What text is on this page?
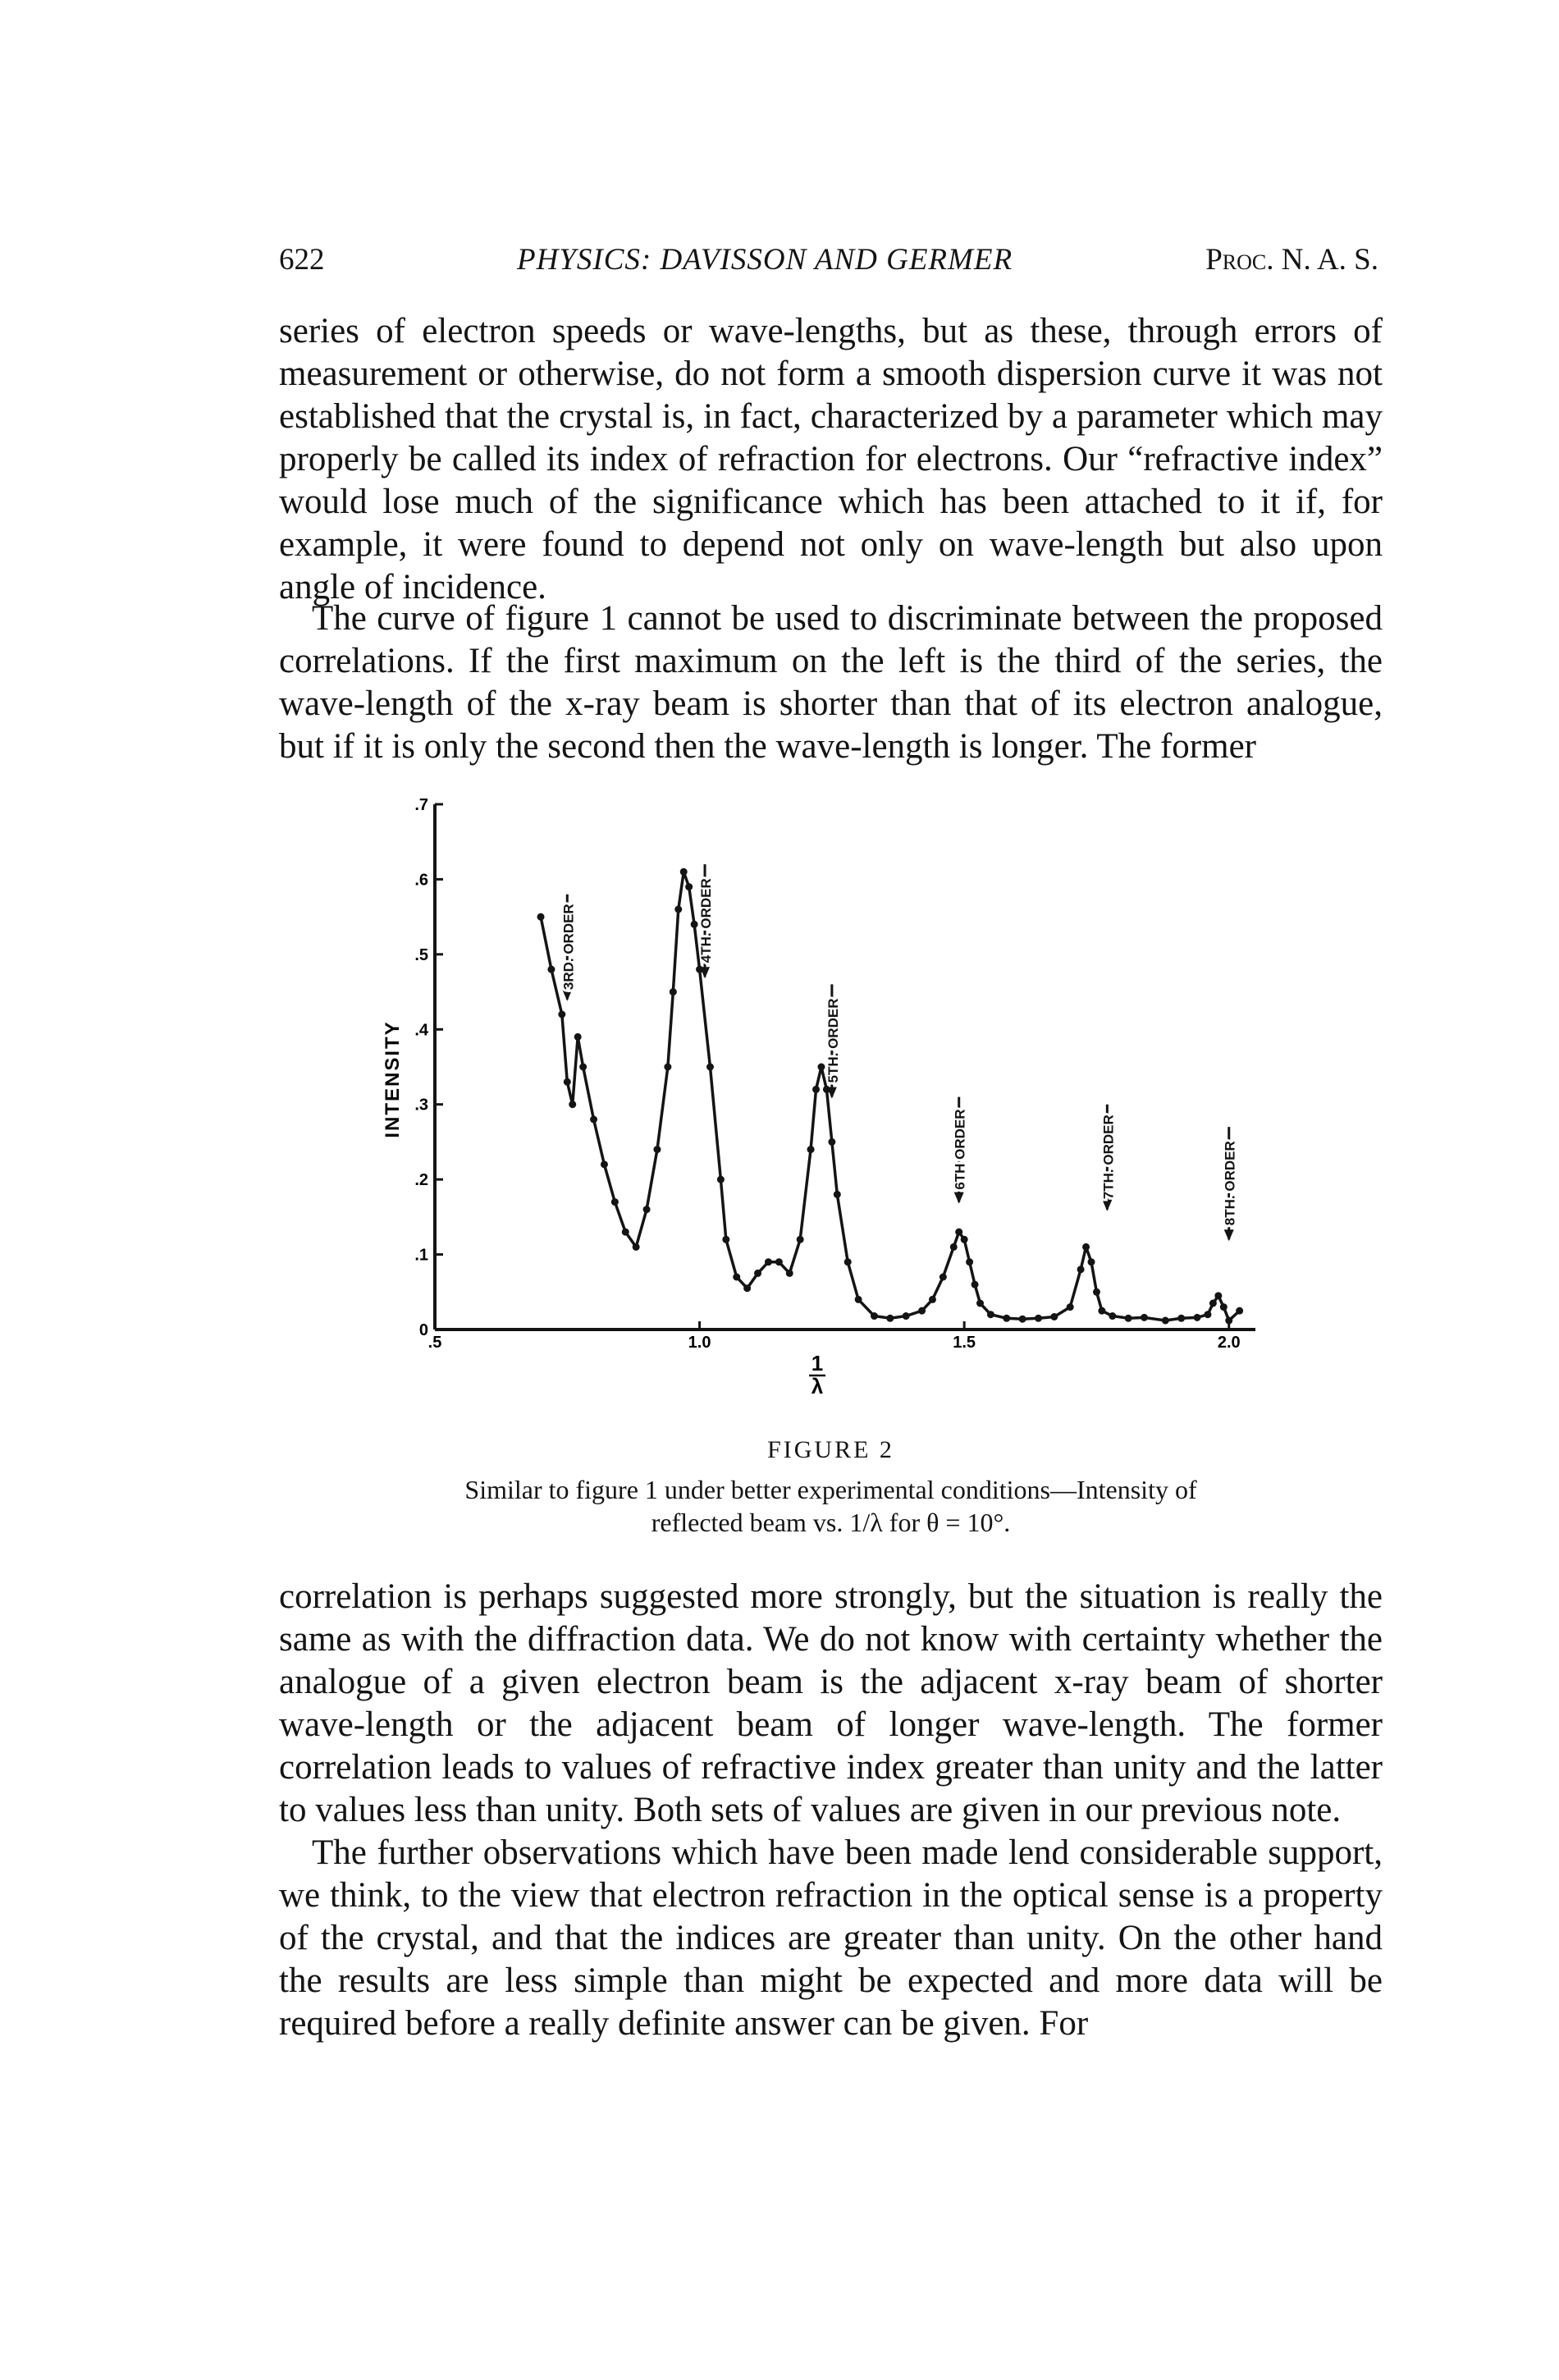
622	PHYSICS: DAVISSON AND GERMER	Proc. N. A. S.

series of electron speeds or wave-lengths, but as these, through errors of measurement or otherwise, do not form a smooth dispersion curve it was not established that the crystal is, in fact, characterized by a parameter which may properly be called its index of refraction for electrons. Our “refractive index” would lose much of the significance which has been attached to it if, for example, it were found to depend not only on wave-length but also upon angle of incidence.

The curve of figure 1 cannot be used to discriminate between the proposed correlations. If the first maximum on the left is the third of the series, the wave-length of the x-ray beam is shorter than that of its electron analogue, but if it is only the second then the wave-length is longer. The former

0
.1
.2
.3
.4
.5
.6
.7
.5	1.0	1.5	2.0
3RD. ORDER	4TH. ORDER
5TH. ORDER
6TH ORDER	7TH. ORDER	8TH. ORDER
INTENSITY
1
λ

FIGURE 2

Similar to figure 1 under better experimental conditions—Intensity of
reflected beam vs. 1/λ for θ = 10°.

correlation is perhaps suggested more strongly, but the situation is really the same as with the diffraction data. We do not know with certainty whether the analogue of a given electron beam is the adjacent x-ray beam of shorter wave-length or the adjacent beam of longer wave-length. The former correlation leads to values of refractive index greater than unity and the latter to values less than unity. Both sets of values are given in our previous note.

The further observations which have been made lend considerable support, we think, to the view that electron refraction in the optical sense is a property of the crystal, and that the indices are greater than unity. On the other hand the results are less simple than might be expected and more data will be required before a really definite answer can be given. For
